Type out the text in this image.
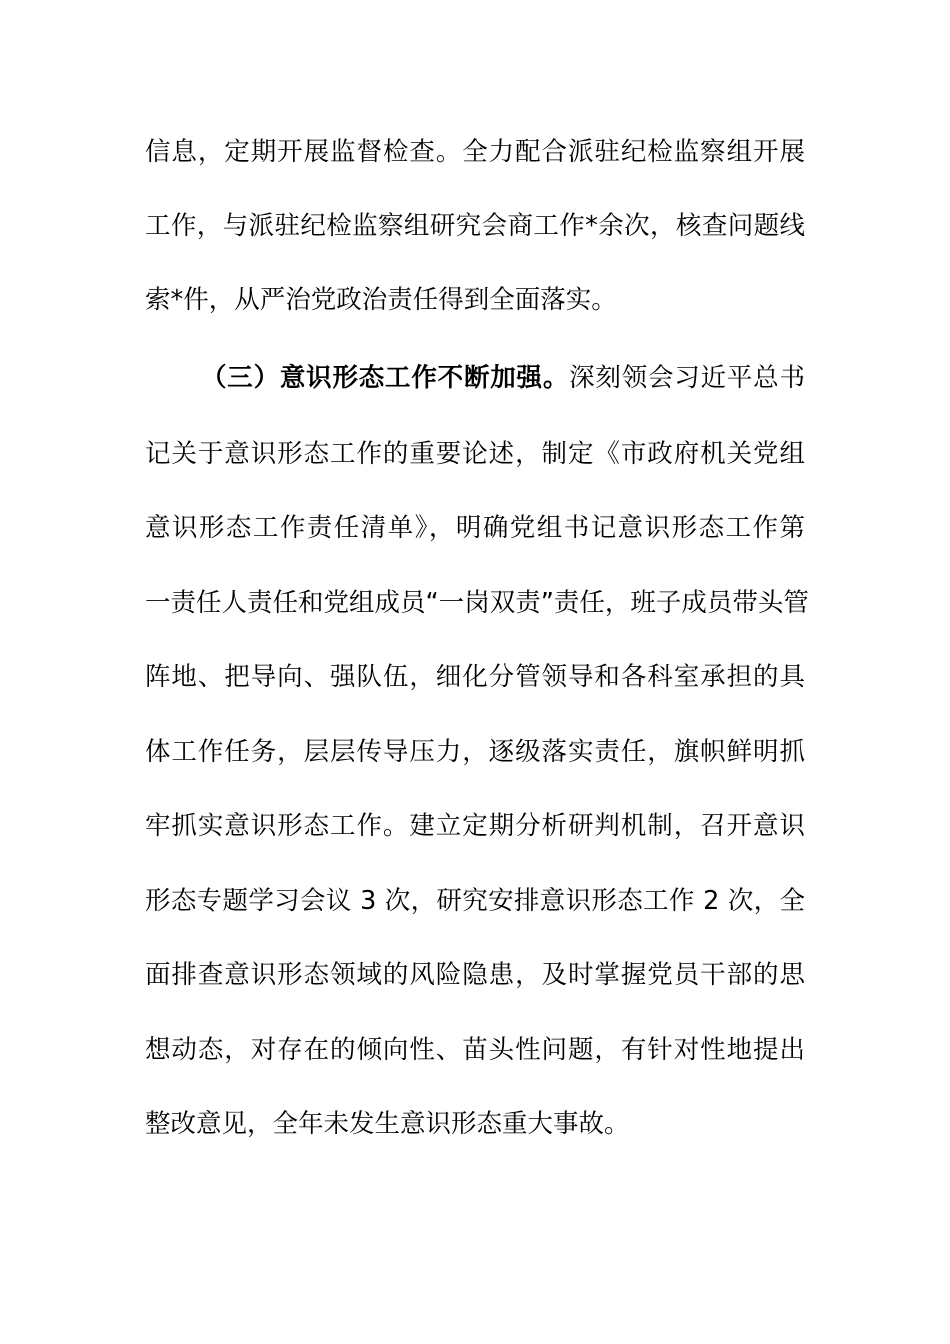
信息，定期开展监督检查。全力配合派驻纪检监察组开展
工作，与派驻纪检监察组研究会商工作*余次，核查问题线
索*件，从严治党政治责任得到全面落实。
（三）意识形态工作不断加强。深刻领会习近平总书
记关于意识形态工作的重要论述，制定《市政府机关党组
意识形态工作责任清单》，明确党组书记意识形态工作第
一责任人责任和党组成员“一岗双责”责任，班子成员带头管
阵地、把导向、强队伍，细化分管领导和各科室承担的具
体工作任务，层层传导压力，逐级落实责任，旗帜鲜明抓
牢抓实意识形态工作。建立定期分析研判机制，召开意识
形态专题学习会议 3 次，研究安排意识形态工作 2 次，全
面排查意识形态领域的风险隐患，及时掌握党员干部的思
想动态，对存在的倾向性、苗头性问题，有针对性地提出
整改意见，全年未发生意识形态重大事故。
